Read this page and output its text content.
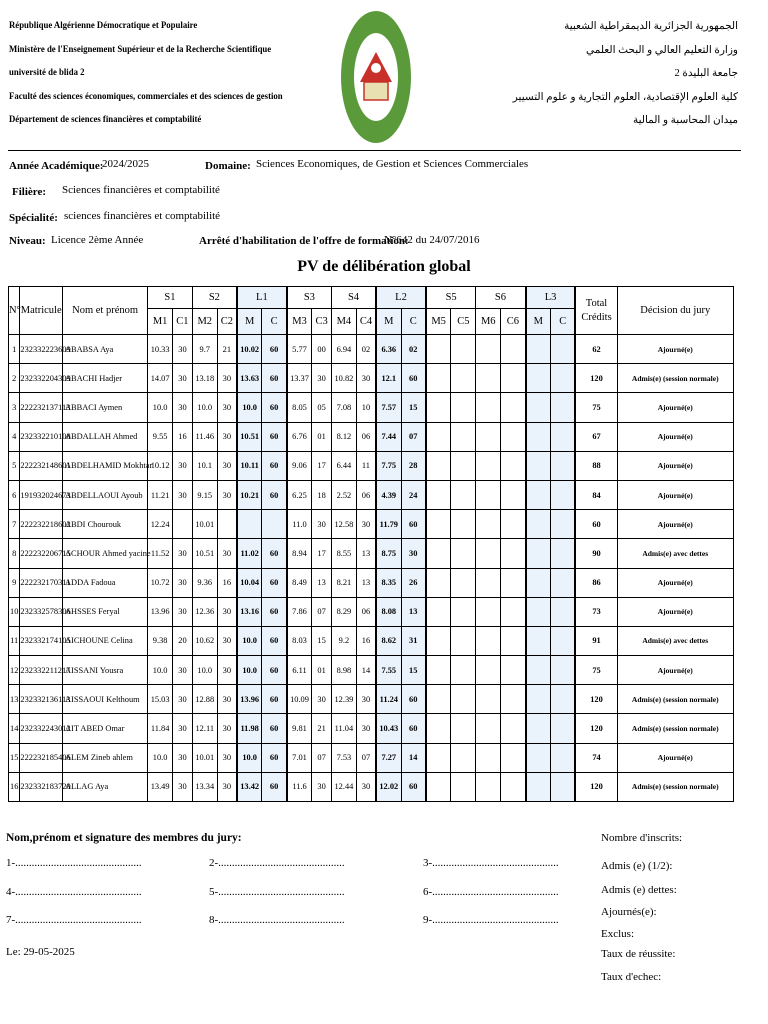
République Algérienne Démocratique et Populaire
Ministère de l'Enseignement Supérieur et de la Recherche Scientifique
université de blida 2
Faculté des sciences économiques, commerciales et des sciences de gestion
Département de sciences financières et comptabilité
الجمهورية الجزائرية الديمقراطية الشعبية
وزارة التعليم العالي و البحث العلمي
جامعة البليدة 2
كلية العلوم الإقتصادية، العلوم التجارية و علوم التسيير
ميدان المحاسبة و المالية
Année Académique:
2024/2025	Domaine: Sciences Economiques, de Gestion et Sciences Commerciales
Filière: Sciences financières et comptabilité
Spécialité: sciences financières et comptabilité
Niveau: Licence 2ème Année	Arrêté d'habilitation de l'offre de formation:
N°642 du 24/07/2016
PV de délibération global
N°	Matricule	Nom et prénom	S1		S2		L1		S3		S4		L2		S5		S6		L3		Total Crédits	Décision du jury
			M1	C1	M2	C2	M	C	M3	C3	M4	C4	M	C	M5	C5	M6	C6	M	C		
1	232332223609	ABABSA Aya	10.33	30	9.7	21	10.02	60	5.77	00	6.94	02	6.36	02							62	Ajourné(e)
2	232332204309	ABACHI Hadjer	14.07	30	13.18	30	13.63	60	13.37	30	10.82	30	12.1	60							120	Admis(e) (session normale)
3	222232137113	ABBACI Aymen	10.0	30	10.0	30	10.0	60	8.05	05	7.08	10	7.57	15							75	Ajourné(e)
4	232332210108	ABDALLAH Ahmed	9.55	16	11.46	30	10.51	60	6.76	01	8.12	06	7.44	07							67	Ajourné(e)
5	222232148601	ABDELHAMID Mokhtar	10.12	30	10.1	30	10.11	60	9.06	17	6.44	11	7.75	28							88	Ajourné(e)
6	191932024673	ABDELLAOUI Ayoub	11.21	30	9.15	30	10.21	60	6.25	18	2.52	06	4.39	24							84	Ajourné(e)
7	222232218602	ABDI Chourouk	12.24		10.01				11.0	30	12.58	30	11.79	60							60	Ajourné(e)
8	222232206715	ACHOUR Ahmed yacine	11.52	30	10.51	30	11.02	60	8.94	17	8.55	13	8.75	30							90	Admis(e) avec dettes
9	222232170311	ADDA Fadoua	10.72	30	9.36	16	10.04	60	8.49	13	8.21	13	8.35	26							86	Ajourné(e)
10	232332578306	AHSSES Feryal	13.96	30	12.36	30	13.16	60	7.86	07	8.29	06	8.08	13							73	Ajourné(e)
11	232332174105	AICHOUNE Celina	9.38	20	10.62	30	10.0	60	8.03	15	9.2	16	8.62	31							91	Admis(e) avec dettes
12	232332211217	AISSANI Yousra	10.0	30	10.0	30	10.0	60	6.11	01	8.98	14	7.55	15							75	Ajourné(e)
13	232332136113	AISSAOUI Kelthoum	15.03	30	12.88	30	13.96	60	10.09	30	12.39	30	11.24	60							120	Admis(e) (session normale)
14	232332243012	AIT ABED Omar	11.84	30	12.11	30	11.98	60	9.81	21	11.04	30	10.43	60							120	Admis(e) (session normale)
15	222232185406	ALEM Zineb ahlem	10.0	30	10.01	30	10.0	60	7.01	07	7.53	07	7.27	14							74	Ajourné(e)
16	232332183720	ALLAG Aya	13.49	30	13.34	30	13.42	60	11.6	30	12.44	30	12.02	60							120	Admis(e) (session normale)
Nom,prénom et signature des membres du jury:
1-..............................................	2-..............................................	3-..............................................
4-..............................................	5-..............................................	6-..............................................
7-..............................................	8-..............................................	9-..............................................
Le: 29-05-2025
Nombre d'inscrits:
Admis (e) (1/2):
Admis (e) dettes:
Ajournés(e):
Exclus:
Taux de réussite:
Taux d'echec:
